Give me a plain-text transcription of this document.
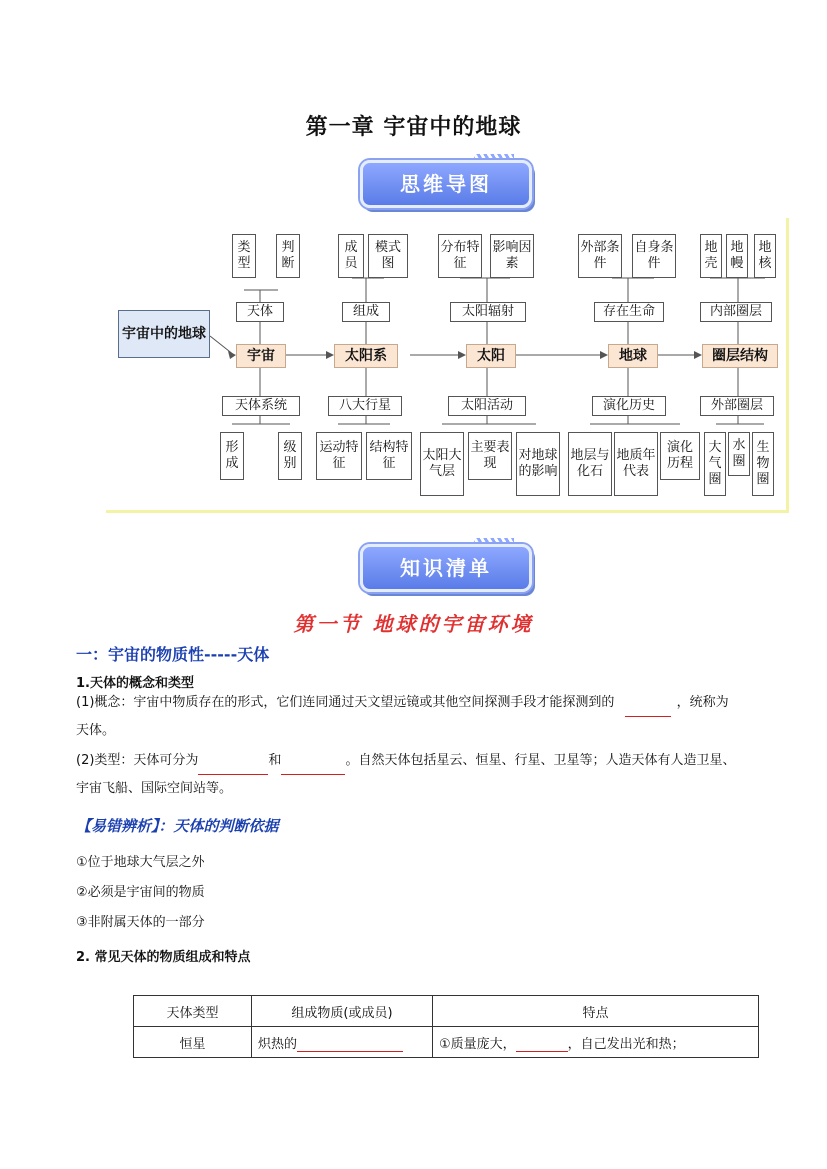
第一章 宇宙中的地球
思维导图
宇宙中的地球
宇宙	太阳系	太阳	地球	圈层结构
天体	组成	太阳辐射	存在生命	内部圈层
天体系统	八大行星	太阳活动	演化历史	外部圈层
类型
判断
成员
模式图
分布特征
影响因素
外部条件
自身条件
地壳
地幔
地核
形成
级别
运动特征
结构特征
太阳大气层
主要表现
对地球的影响
地层与化石
地质年代表
演化历程
大气圈
水圈
生物圈
知识清单
第一节 地球的宇宙环境
一：宇宙的物质性-----天体
1.天体的概念和类型
(1)概念：宇宙中物质存在的形式，它们连同通过天文望远镜或其他空间探测手段才能探测到的	，统称为
天体。
(2)类型：天体可分为	和	。自然天体包括星云、恒星、行星、卫星等；人造天体有人造卫星、
宇宙飞船、国际空间站等。
【易错辨析】：天体的判断依据
①位于地球大气层之外
②必须是宇宙间的物质
③非附属天体的一部分
2. 常见天体的物质组成和特点
天体类型	组成物质(或成员)	特点
恒星	炽热的	①质量庞大， ，自己发出光和热；
